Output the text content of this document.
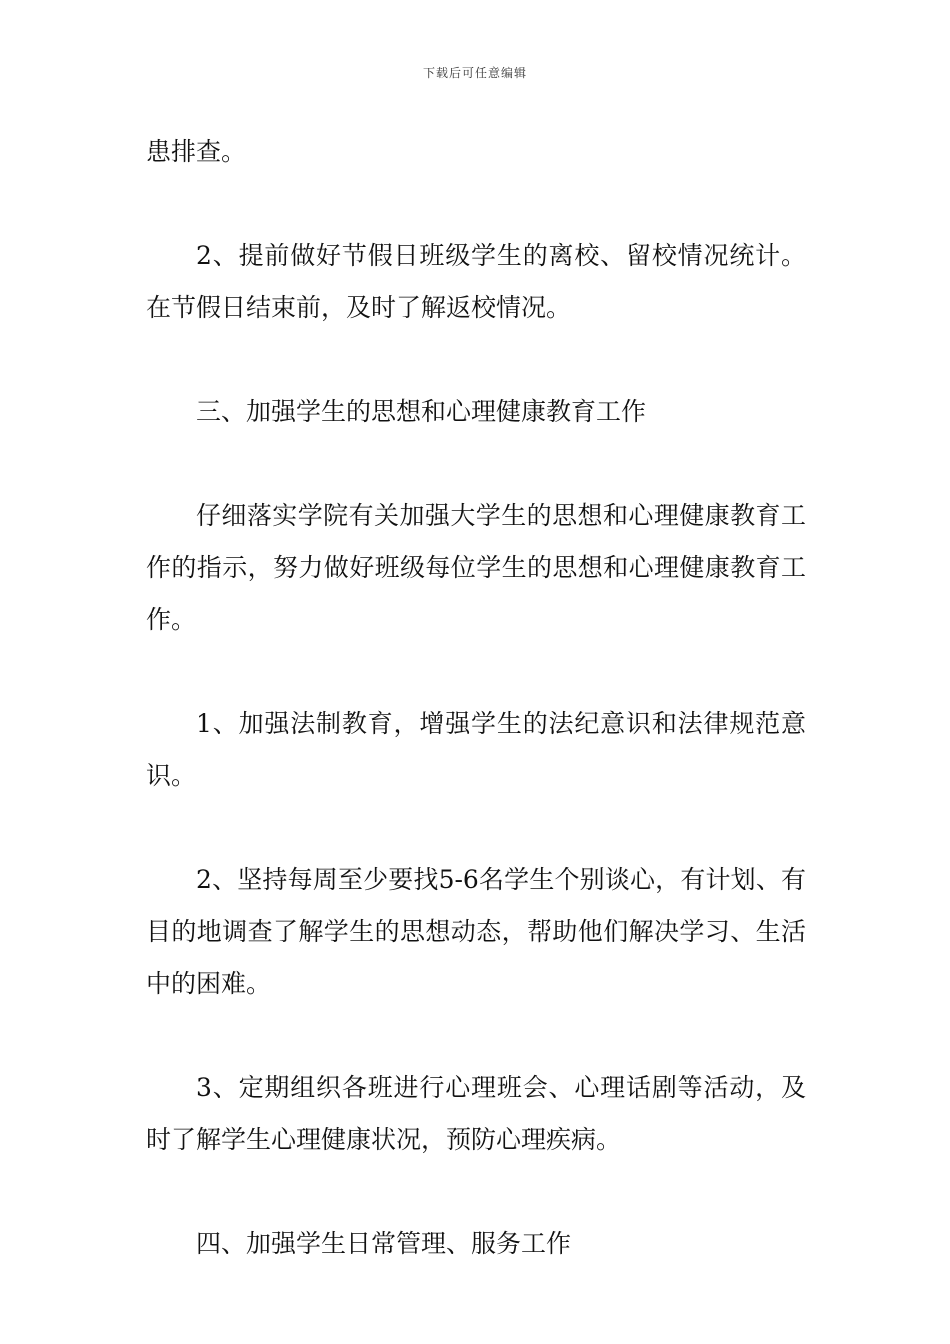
下载后可任意编辑

患排查。

2、提前做好节假日班级学生的离校、留校情况统计。在节假日结束前，及时了解返校情况。

三、加强学生的思想和心理健康教育工作

仔细落实学院有关加强大学生的思想和心理健康教育工作的指示，努力做好班级每位学生的思想和心理健康教育工作。

1、加强法制教育，增强学生的法纪意识和法律规范意识。

2、坚持每周至少要找5-6名学生个别谈心，有计划、有目的地调查了解学生的思想动态，帮助他们解决学习、生活中的困难。

3、定期组织各班进行心理班会、心理话剧等活动，及时了解学生心理健康状况，预防心理疾病。

四、加强学生日常管理、服务工作
